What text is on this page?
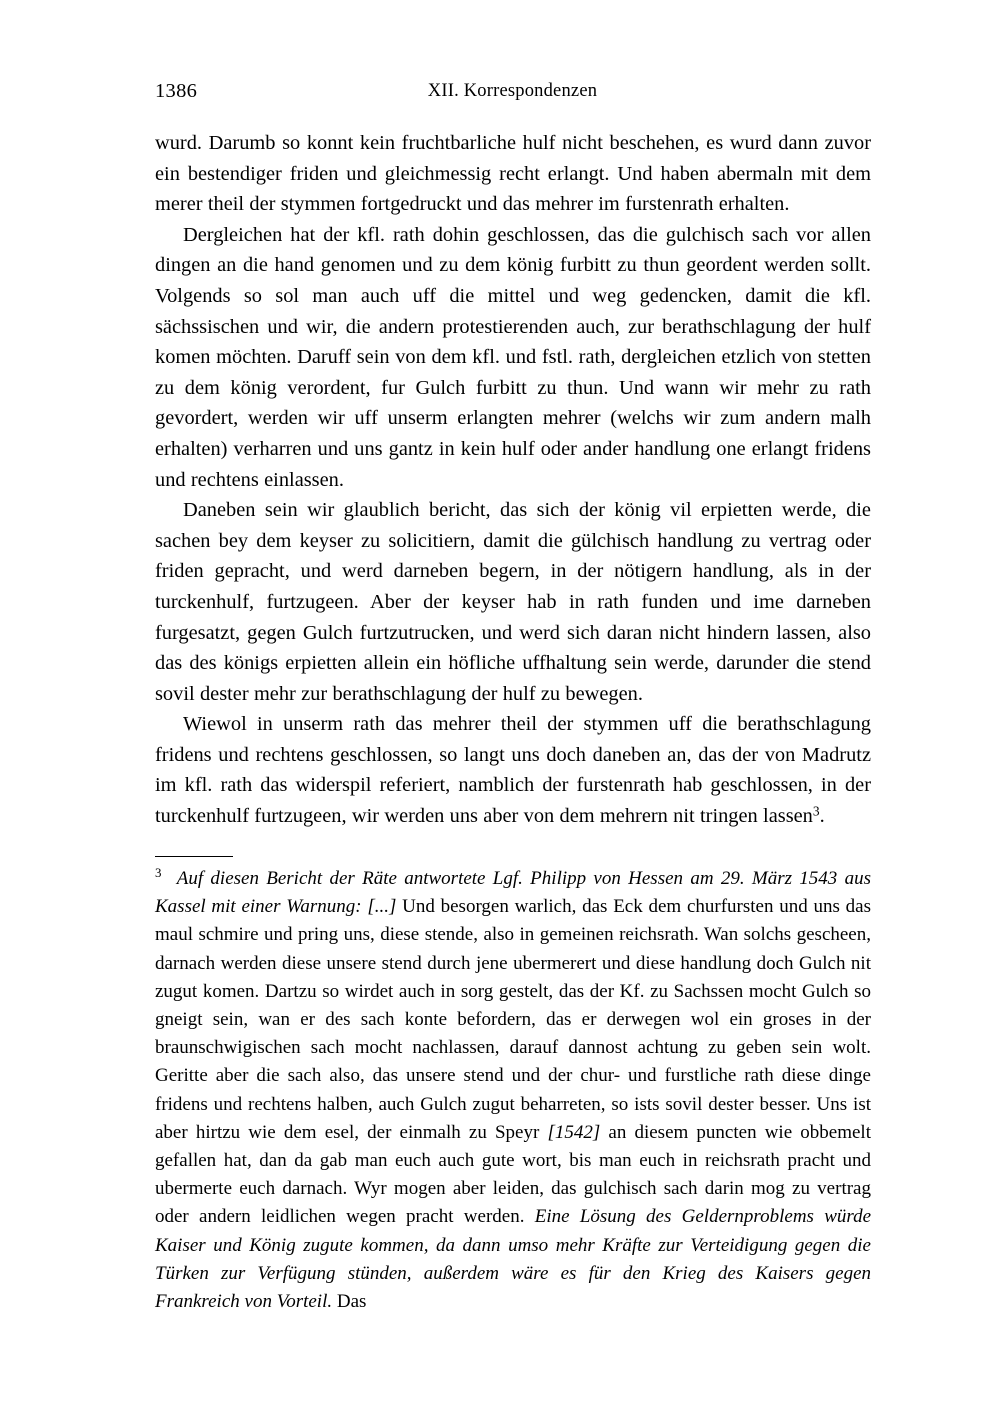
1386	XII. Korrespondenzen

wurd. Darumb so konnt kein fruchtbarliche hulf nicht beschehen, es wurd dann zuvor ein bestendiger friden und gleichmessig recht erlangt. Und haben abermaln mit dem merer theil der stymmen fortgedruckt und das mehrer im furstenrath erhalten.

Dergleichen hat der kfl. rath dohin geschlossen, das die gulchisch sach vor allen dingen an die hand genomen und zu dem könig furbitt zu thun geordent werden sollt. Volgends so sol man auch uff die mittel und weg gedencken, damit die kfl. sächssischen und wir, die andern protestierenden auch, zur berathschlagung der hulf komen möchten. Daruff sein von dem kfl. und fstl. rath, dergleichen etzlich von stetten zu dem könig verordent, fur Gulch furbitt zu thun. Und wann wir mehr zu rath gevordert, werden wir uff unserm erlangten mehrer (welchs wir zum andern malh erhalten) verharren und uns gantz in kein hulf oder ander handlung one erlangt fridens und rechtens einlassen.

Daneben sein wir glaublich bericht, das sich der könig vil erpietten werde, die sachen bey dem keyser zu solicitiern, damit die gülchisch handlung zu vertrag oder friden gepracht, und werd darneben begern, in der nötigern handlung, als in der turckenhulf, furtzugeen. Aber der keyser hab in rath funden und ime darneben furgesatzt, gegen Gulch furtzutrucken, und werd sich daran nicht hindern lassen, also das des königs erpietten allein ein höfliche uffhaltung sein werde, darunder die stend sovil dester mehr zur berathschlagung der hulf zu bewegen.

Wiewol in unserm rath das mehrer theil der stymmen uff die berathschlagung fridens und rechtens geschlossen, so langt uns doch daneben an, das der von Madrutz im kfl. rath das widerspil referiert, namblich der furstenrath hab geschlossen, in der turckenhulf furtzugeen, wir werden uns aber von dem mehrern nit tringen lassen$^3$.

$^3$ Auf diesen Bericht der Räte antwortete Lgf. Philipp von Hessen am 29. März 1543 aus Kassel mit einer Warnung: [...] Und besorgen warlich, das Eck dem churfursten und uns das maul schmire und pring uns, diese stende, also in gemeinen reichsrath. Wan solchs gescheen, darnach werden diese unsere stend durch jene ubermerert und diese handlung doch Gulch nit zugut komen. Dartzu so wirdet auch in sorg gestelt, das der Kf. zu Sachssen mocht Gulch so gneigt sein, wan er des sach konte befordern, das er derwegen wol ein groses in der braunschwigischen sach mocht nachlassen, darauf dannost achtung zu geben sein wolt. Geritte aber die sach also, das unsere stend und der chur- und furstliche rath diese dinge fridens und rechtens halben, auch Gulch zugut beharreten, so ists sovil dester besser. Uns ist aber hirtzu wie dem esel, der einmalh zu Speyr [1542] an diesem puncten wie obbemelt gefallen hat, dan da gab man euch auch gute wort, bis man euch in reichsrath pracht und ubermerte euch darnach. Wyr mogen aber leiden, das gulchisch sach darin mog zu vertrag oder andern leidlichen wegen pracht werden. Eine Lösung des Geldernproblems würde Kaiser und König zugute kommen, da dann umso mehr Kräfte zur Verteidigung gegen die Türken zur Verfügung stünden, außerdem wäre es für den Krieg des Kaisers gegen Frankreich von Vorteil. Das
